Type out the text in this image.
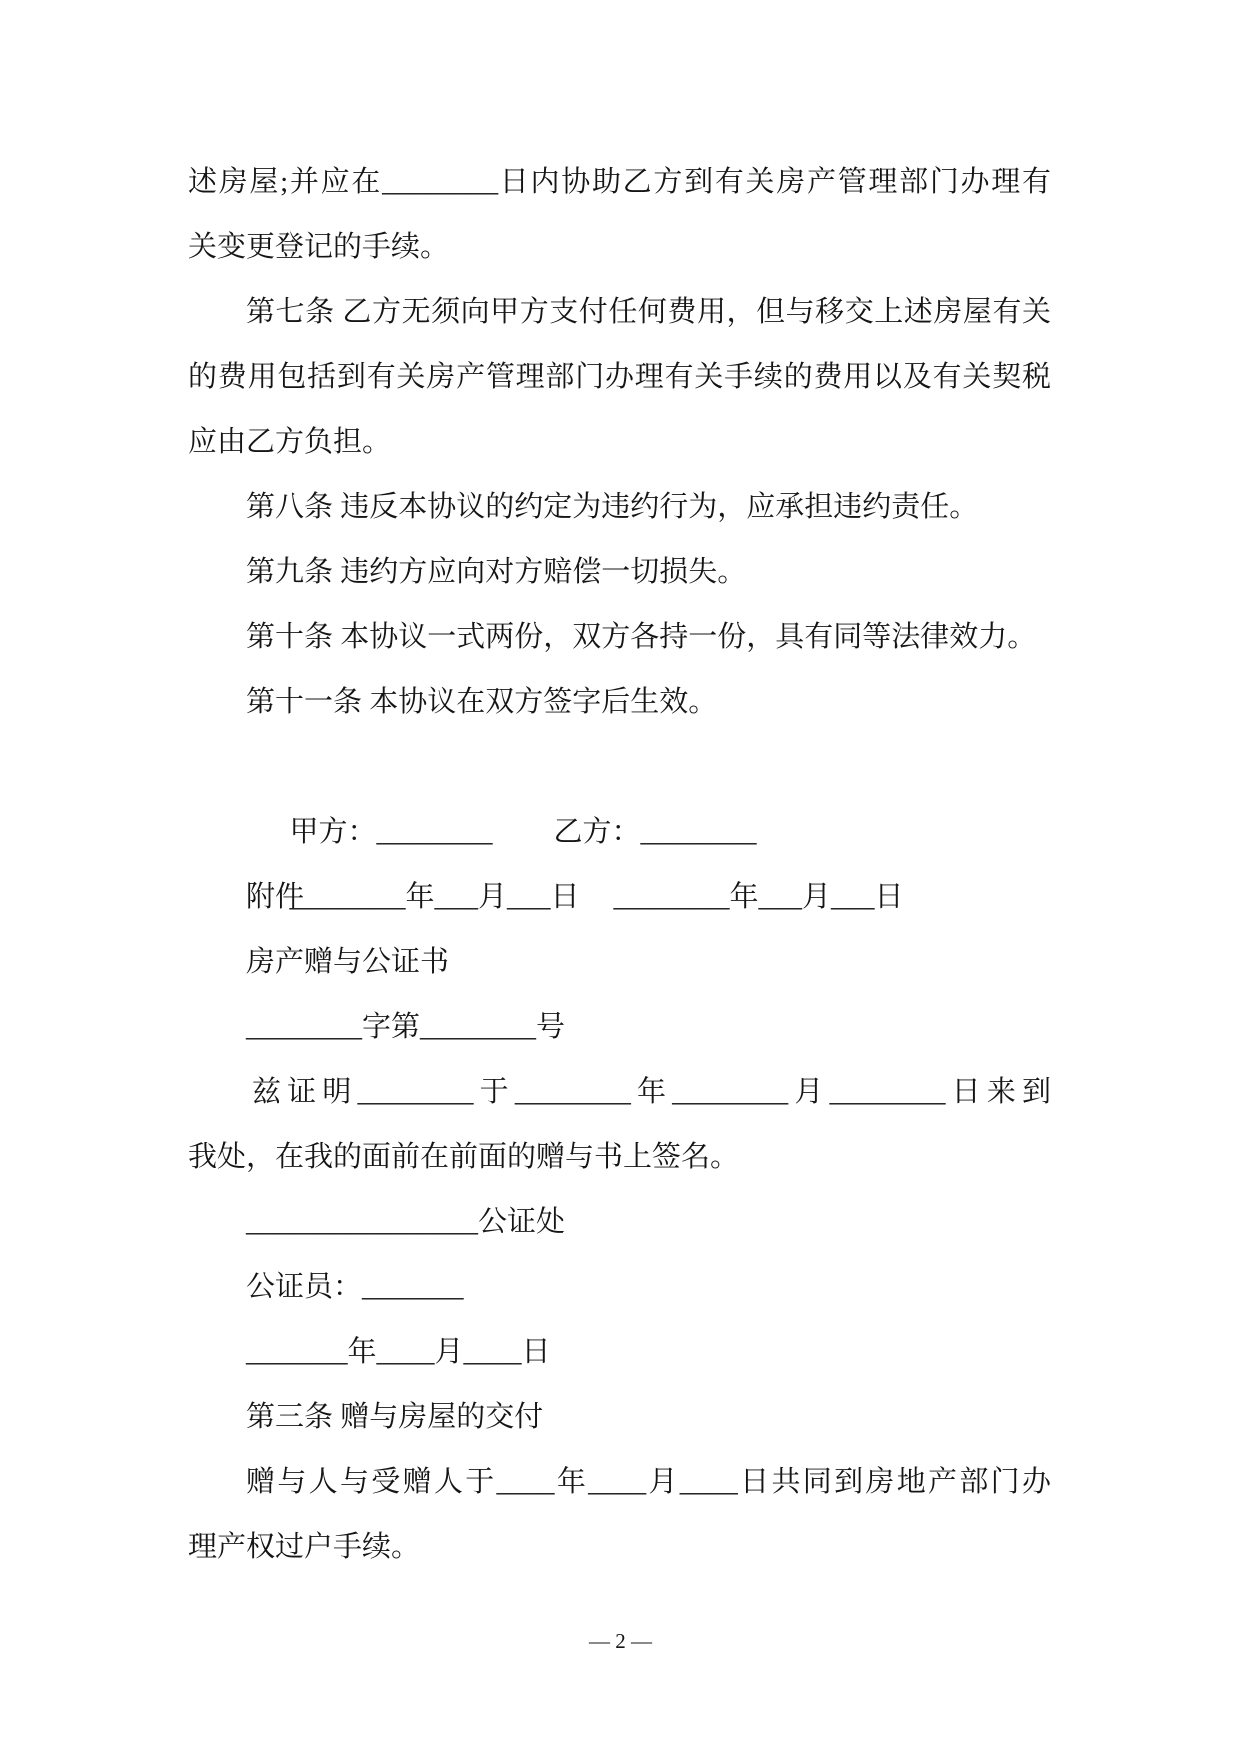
述房屋;并应在________日内协助乙方到有关房产管理部门办理有
关变更登记的手续。
第七条 乙方无须向甲方支付任何费用，但与移交上述房屋有关
的费用包括到有关房产管理部门办理有关手续的费用以及有关契税
应由乙方负担。
第八条 违反本协议的约定为违约行为，应承担违约责任。
第九条 违约方应向对方赔偿一切损失。
第十条 本协议一式两份，双方各持一份，具有同等法律效力。
第十一条 本协议在双方签字后生效。

甲方：________ 乙方：________

________年___月___日 ________年___月___日

附件
房产赠与公证书
________字第________号
兹证明________于________年________月________日来到
我处，在我的面前在前面的赠与书上签名。
________________公证处
公证员：_______
_______年____月____日
第三条 赠与房屋的交付
赠与人与受赠人于____年____月____日共同到房地产部门办
理产权过户手续。
— 2 —
